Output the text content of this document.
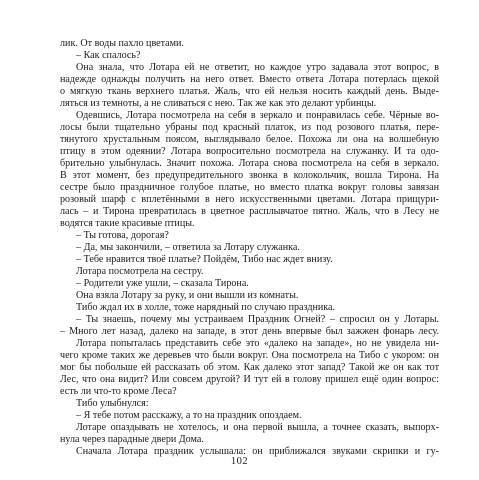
лик. От воды пахло цветами.
– Как спалось?
Она знала, что Лотара ей не ответит, но каждое утро задавала этот вопрос, в
надежде однажды получить на него ответ. Вместо ответа Лотара потерлась щекой
о мягкую ткань верхнего платья. Жаль, что ей нельзя носить каждый день. Выде-
ляться из темноты, а не сливаться с нею. Так же как это делают урбинцы.
Одевшись, Лотара посмотрела на себя в зеркало и понравилась себе. Чёрные во-
лосы были тщательно убраны под красный платок, из под розового платья, пере-
тянутого хрустальным поясом, выглядывало белое. Похожа ли она на волшебную
птицу в этом одеянии? Лотара вопросительно посмотрела на служанку. И та одо-
брительно улыбнулась. Значит похожа. Лотара снова посмотрела на себя в зеркало.
В этот момент, без предупредительного звонка в колокольчик, вошла Тирона. На
сестре было праздничное голубое платье, но вместо платка вокруг головы завязан
розовый шарф с вплетёнными в него искусственными цветами. Лотара прищури-
лась – и Тирона превратилась в цветное расплывчатое пятно. Жаль, что в Лесу не
водятся такие красивые птицы.
– Ты готова, дорогая?
– Да, мы закончили, – ответила за Лотару служанка.
– Тебе нравится твоё платье? Пойдём, Тибо нас ждет внизу.
Лотара посмотрела на сестру.
– Родители уже ушли, – сказала Тирона.
Она взяла Лотару за руку, и они вышли из комнаты.
Тибо ждал их в холле, тоже нарядный по случаю праздника.
– Ты знаешь, почему мы устраиваем Праздник Огней? – спросил он у Лотары.
– Много лет назад, далеко на западе, в этот день впервые был зажжен фонарь лесу.
Лотара попыталась представить себе это «далеко на западе», но не увидела ни-
чего кроме таких же деревьев что были вокруг. Она посмотрела на Тибо с укором: он
мог бы побольше ей рассказать об этом. Как далеко этот запад? Такой же он как тот
Лес, что она видит? Или совсем другой? И тут ей в голову пришел ещё один вопрос:
есть ли что-то кроме Леса?
Тибо улыбнулся:
– Я тебе потом расскажу, а то на праздник опоздаем.
Лотаре опаздывать не хотелось, и она первой вышла, а точнее сказать, выпорх-
нула через парадные двери Дома.
Сначала Лотара праздник услышала: он приближался звуками скрипки и гу-
102
